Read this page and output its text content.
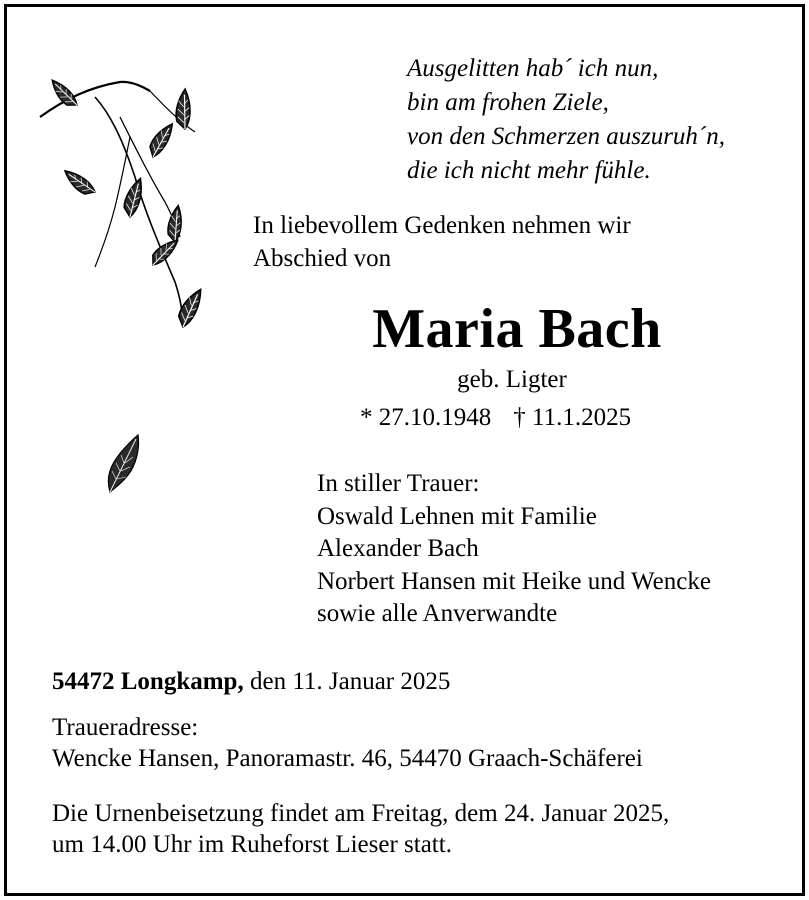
Ausgelitten hab´ ich nun,
bin am frohen Ziele,
von den Schmerzen auszuruh´n,
die ich nicht mehr fühle.
In liebevollem Gedenken nehmen wir
Abschied von
Maria Bach
geb. Ligter
* 27.10.1948 † 11.1.2025
In stiller Trauer:
Oswald Lehnen mit Familie
Alexander Bach
Norbert Hansen mit Heike und Wencke
sowie alle Anverwandte
54472 Longkamp, den 11. Januar 2025
Traueradresse:
Wencke Hansen, Panoramastr. 46, 54470 Graach-Schäferei
Die Urnenbeisetzung findet am Freitag, dem 24. Januar 2025,
um 14.00 Uhr im Ruheforst Lieser statt.
